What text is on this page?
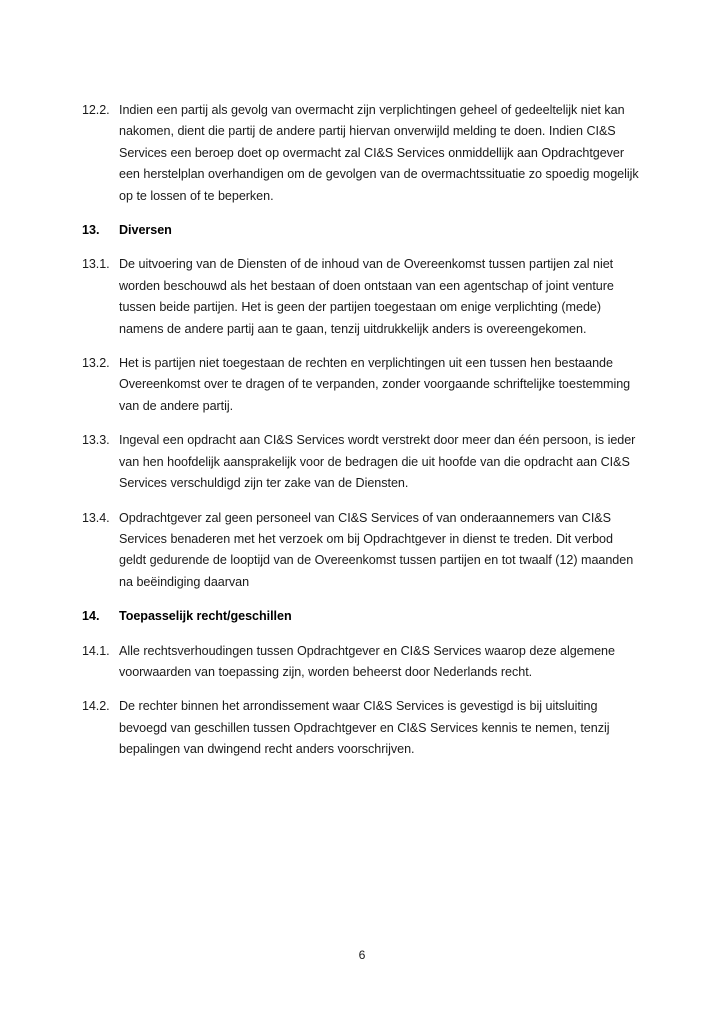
12.2. Indien een partij als gevolg van overmacht zijn verplichtingen geheel of gedeeltelijk niet kan nakomen, dient die partij de andere partij hiervan onverwijld melding te doen. Indien CI&S Services een beroep doet op overmacht zal CI&S Services onmiddellijk aan Opdrachtgever een herstelplan overhandigen om de gevolgen van de overmachtssituatie zo spoedig mogelijk op te lossen of te beperken.
13.	Diversen
13.1. De uitvoering van de Diensten of de inhoud van de Overeenkomst tussen partijen zal niet worden beschouwd als het bestaan of doen ontstaan van een agentschap of joint venture tussen beide partijen. Het is geen der partijen toegestaan om enige verplichting (mede) namens de andere partij aan te gaan, tenzij uitdrukkelijk anders is overeengekomen.
13.2. Het is partijen niet toegestaan de rechten en verplichtingen uit een tussen hen bestaande Overeenkomst over te dragen of te verpanden, zonder voorgaande schriftelijke toestemming van de andere partij.
13.3. Ingeval een opdracht aan CI&S Services wordt verstrekt door meer dan één persoon, is ieder van hen hoofdelijk aansprakelijk voor de bedragen die uit hoofde van die opdracht aan CI&S Services verschuldigd zijn ter zake van de Diensten.
13.4. Opdrachtgever zal geen personeel van CI&S Services of van onderaannemers van CI&S Services benaderen met het verzoek om bij Opdrachtgever in dienst te treden. Dit verbod geldt gedurende de looptijd van de Overeenkomst tussen partijen en tot twaalf (12) maanden na beëindiging daarvan
14.	Toepasselijk recht/geschillen
14.1. Alle rechtsverhoudingen tussen Opdrachtgever en CI&S Services waarop deze algemene voorwaarden van toepassing zijn, worden beheerst door Nederlands recht.
14.2. De rechter binnen het arrondissement waar CI&S Services is gevestigd is bij uitsluiting bevoegd van geschillen tussen Opdrachtgever en CI&S Services kennis te nemen, tenzij bepalingen van dwingend recht anders voorschrijven.
6
